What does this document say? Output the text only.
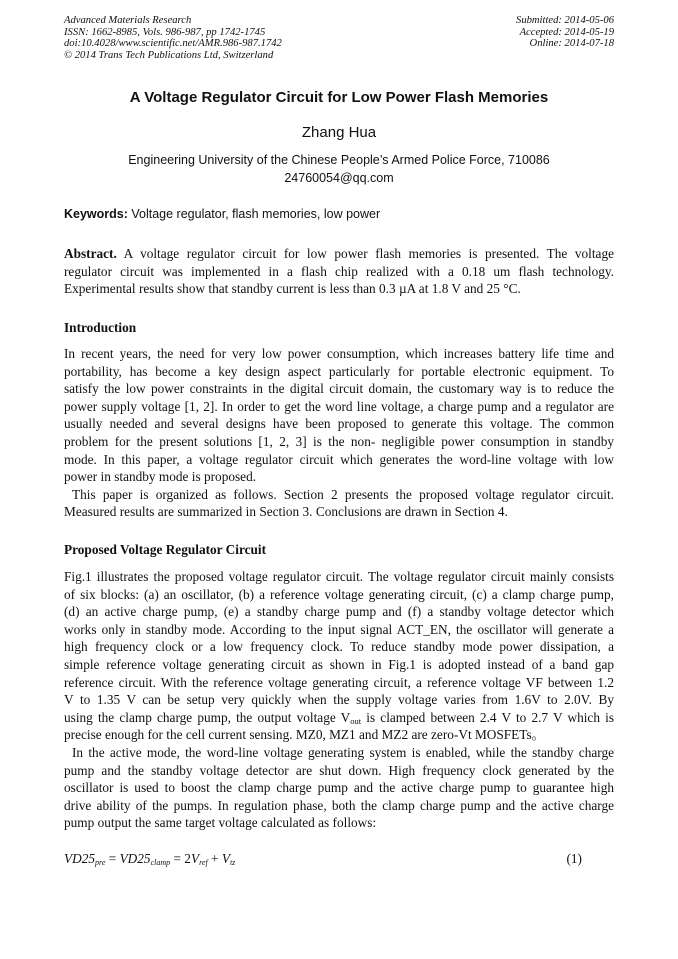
Advanced Materials Research
ISSN: 1662-8985, Vols. 986-987, pp 1742-1745
doi:10.4028/www.scientific.net/AMR.986-987.1742
© 2014 Trans Tech Publications Ltd, Switzerland
Submitted: 2014-05-06
Accepted: 2014-05-19
Online: 2014-07-18
A Voltage Regulator Circuit for Low Power Flash Memories
Zhang Hua
Engineering University of the Chinese People’s Armed Police Force, 710086
24760054@qq.com
Keywords: Voltage regulator, flash memories, low power
Abstract. A voltage regulator circuit for low power flash memories is presented. The voltage
regulator circuit was implemented in a flash chip realized with a 0.18 um flash technology.
Experimental results show that standby current is less than 0.3 µA at 1.8 V and 25 °C.
Introduction
In recent years, the need for very low power consumption, which increases battery life time and
portability, has become a key design aspect particularly for portable electronic equipment. To
satisfy the low power constraints in the digital circuit domain, the customary way is to reduce the
power supply voltage [1, 2]. In order to get the word line voltage, a charge pump and a regulator are
usually needed and several designs have been proposed to generate this voltage. The common
problem for the present solutions [1, 2, 3] is the non- negligible power consumption in standby
mode. In this paper, a voltage regulator circuit which generates the word-line voltage with low
power in standby mode is proposed.
This paper is organized as follows. Section 2 presents the proposed voltage regulator circuit.
Measured results are summarized in Section 3. Conclusions are drawn in Section 4.
Proposed Voltage Regulator Circuit
Fig.1 illustrates the proposed voltage regulator circuit. The voltage regulator circuit mainly consists
of six blocks: (a) an oscillator, (b) a reference voltage generating circuit, (c) a clamp charge pump,
(d) an active charge pump, (e) a standby charge pump and (f) a standby voltage detector which
works only in standby mode. According to the input signal ACT_EN, the oscillator will generate a
high frequency clock or a low frequency clock. To reduce standby mode power dissipation, a
simple reference voltage generating circuit as shown in Fig.1 is adopted instead of a band gap
reference circuit. With the reference voltage generating circuit, a reference voltage VF between 1.2
V to 1.35 V can be setup very quickly when the supply voltage varies from 1.6V to 2.0V. By
using the clamp charge pump, the output voltage $V_{out}$ is clamped between 2.4 V to 2.7 V which is
precise enough for the cell current sensing. MZ0, MZ1 and MZ2 are zero-Vt MOSFETs。
In the active mode, the word-line voltage generating system is enabled, while the standby charge
pump and the standby voltage detector are shut down. High frequency clock generated by the
oscillator is used to boost the clamp charge pump and the active charge pump to guarantee high
drive ability of the pumps. In regulation phase, both the clamp charge pump and the active charge
pump output the same target voltage calculated as follows:
$VD25_{pre} = VD25_{clamp} = 2V_{ref} + V_{tz}$	(1)
